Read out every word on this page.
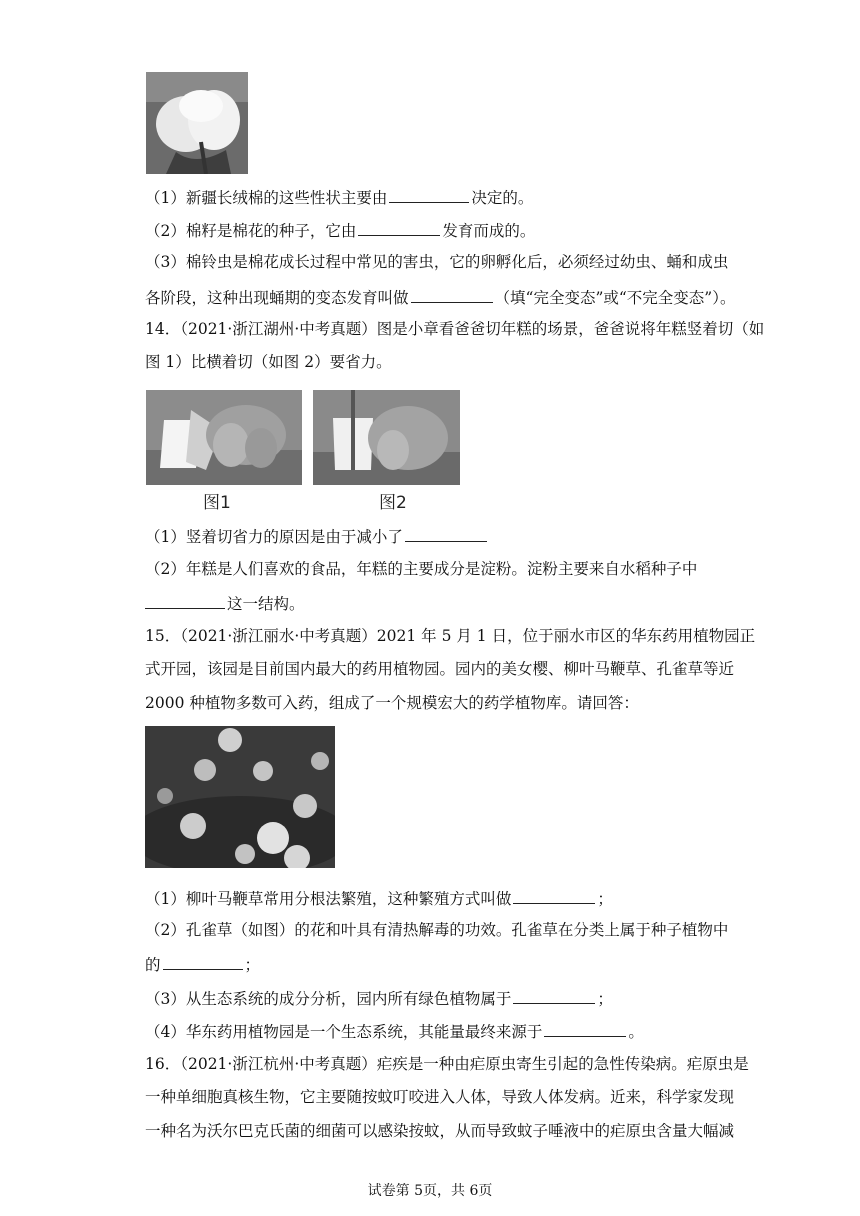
（1）新疆长绒棉的这些性状主要由	决定的。
（2）棉籽是棉花的种子，它由	发育而成的。
（3）棉铃虫是棉花成长过程中常见的害虫，它的卵孵化后，必须经过幼虫、蛹和成虫
各阶段，这种出现蛹期的变态发育叫做	（填“完全变态”或“不完全变态”）。
14．（2021·浙江湖州·中考真题）图是小章看爸爸切年糕的场景，爸爸说将年糕竖着切（如
图 1）比横着切（如图 2）要省力。
图1	图2
（1）竖着切省力的原因是由于减小了
（2）年糕是人们喜欢的食品，年糕的主要成分是淀粉。淀粉主要来自水稻种子中
这一结构。
15．（2021·浙江丽水·中考真题）2021 年 5 月 1 日，位于丽水市区的华东药用植物园正
式开园，该园是目前国内最大的药用植物园。园内的美女樱、柳叶马鞭草、孔雀草等近
2000 种植物多数可入药，组成了一个规模宏大的药学植物库。请回答：
（1）柳叶马鞭草常用分根法繁殖，这种繁殖方式叫做	；
（2）孔雀草（如图）的花和叶具有清热解毒的功效。孔雀草在分类上属于种子植物中
的	；
（3）从生态系统的成分分析，园内所有绿色植物属于	；
（4）华东药用植物园是一个生态系统，其能量最终来源于	。
16．（2021·浙江杭州·中考真题）疟疾是一种由疟原虫寄生引起的急性传染病。疟原虫是
一种单细胞真核生物，它主要随按蚊叮咬进入人体，导致人体发病。近来，科学家发现
一种名为沃尔巴克氏菌的细菌可以感染按蚊，从而导致蚊子唾液中的疟原虫含量大幅减
试卷第 5页，共 6页
